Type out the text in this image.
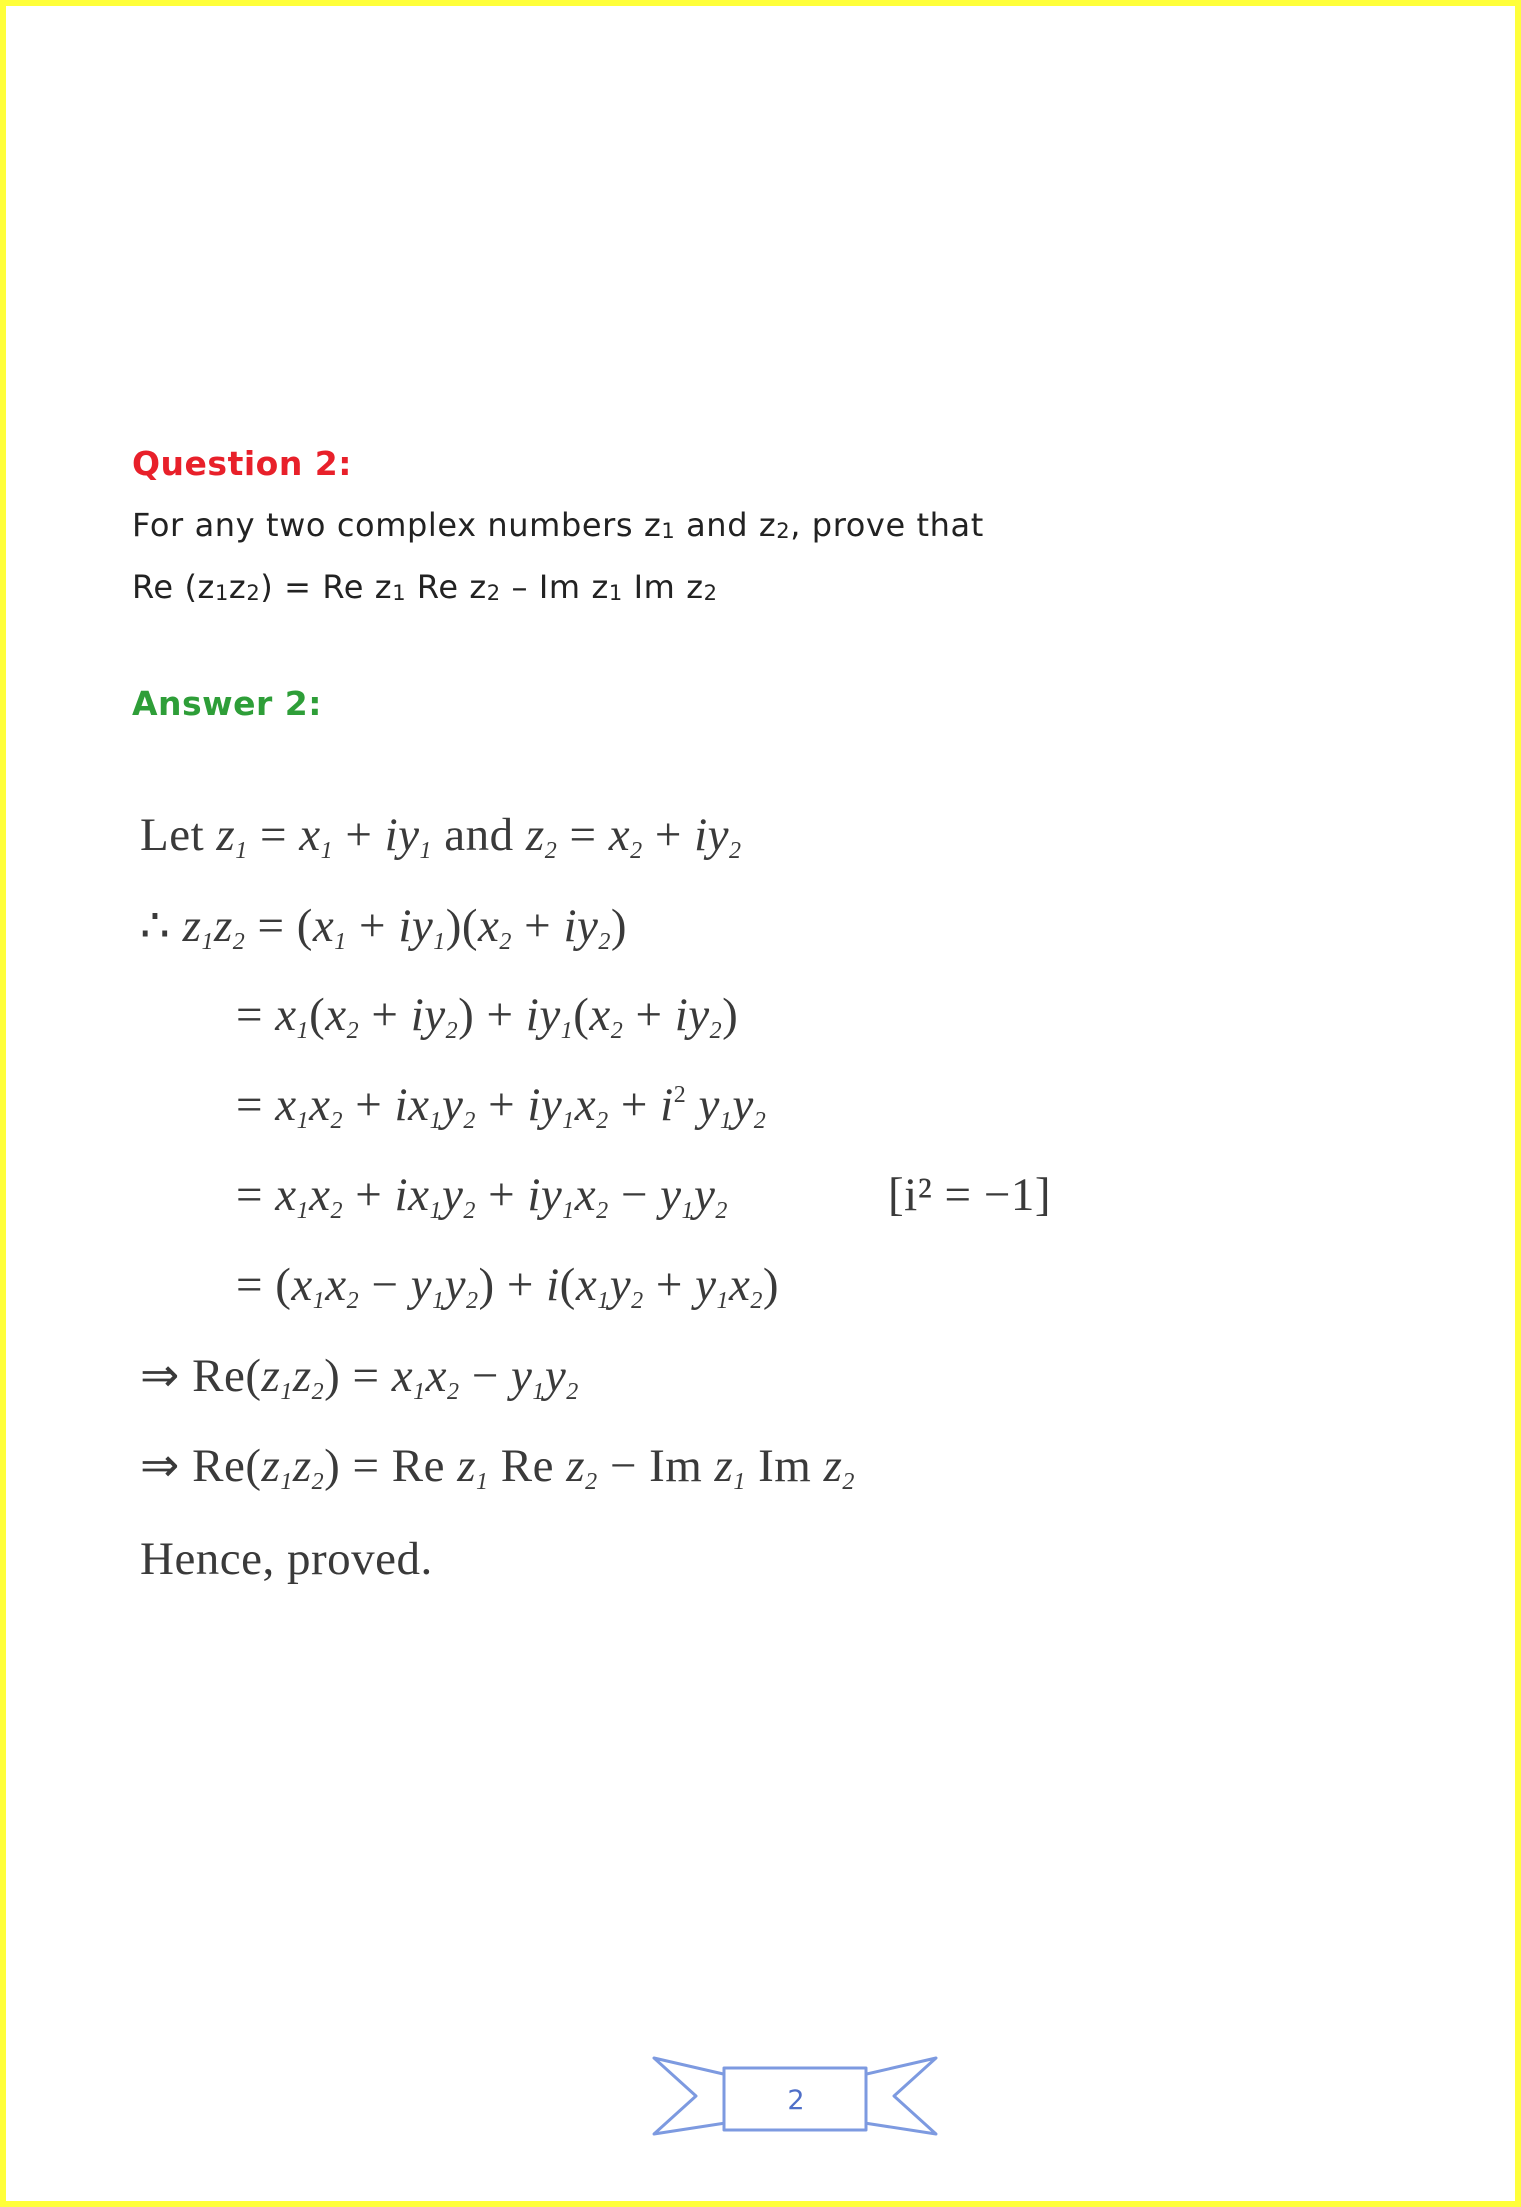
Question 2:
For any two complex numbers z1 and z2, prove that
Re (z1z2) = Re z1 Re z2 – Im z1 Im z2
Answer 2:
Let $z_1 = x_1 + iy_1$ and $z_2 = x_2 + iy_2$
∴ $z_1z_2 = (x_1 + iy_1)(x_2 + iy_2)$
= $x_1(x_2 + iy_2) + iy_1(x_2 + iy_2)$
= $x_1x_2 + ix_1y_2 + iy_1x_2 + i^2$ $y_1y_2$
= $x_1x_2 + ix_1y_2 + iy_1x_2 - y_1y_2$	[i² = −1]
= $(x_1x_2 - y_1y_2) + i(x_1y_2 + y_1x_2)$
⇒ $Re(z_1z_2) = x_1x_2 - y_1y_2$
⇒ $Re(z_1z_2) = Re$ $z_1$ Re $z_2 - Im$ $z_1$ Im $z_2$
Hence, proved.
2
